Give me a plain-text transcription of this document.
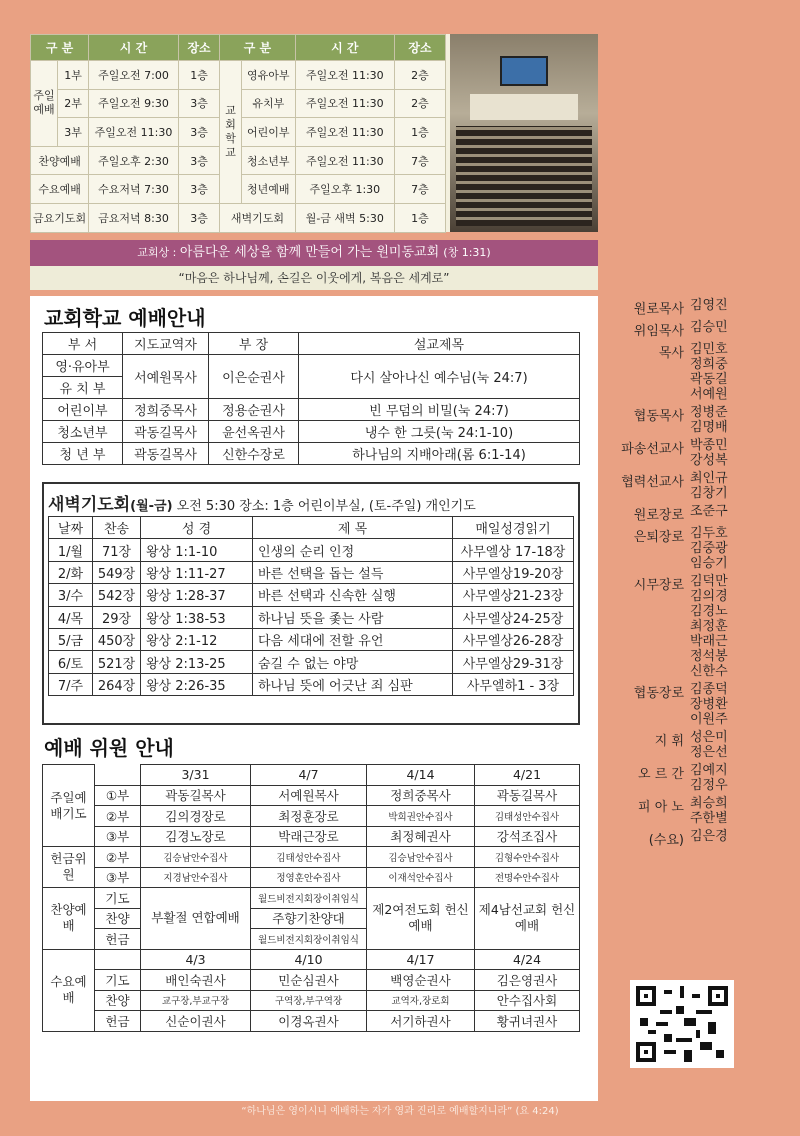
구 분		시 간	장소	구 분		시 간	장소
주일예배	1부	주일오전 7:00	1층	교회학교	영유아부	주일오전 11:30	2층
	2부	주일오전 9:30	3층		유치부	주일오전 11:30	2층
	3부	주일오전 11:30	3층		어린이부	주일오전 11:30	1층
찬양예배		주일오후 2:30	3층		청소년부	주일오전 11:30	7층
수요예배		수요저녁 7:30	3층		청년예배	주일오후 1:30	7층
금요기도회		금요저녁 8:30	3층	새벽기도회		월-금 새벽 5:30	1층
교회상 : 아름다운 세상을 함께 만들어 가는 원미동교회 (창 1:31)
“마음은 하나님께, 손길은 이웃에게, 복음은 세계로”
교회학교 예배안내
부 서	지도교역자	부 장	설교제목
영·유아부	서예원목사	이은순권사	다시 살아나신 예수님(눅 24:7)
유 치 부			
어린이부	정희중목사	정용순권사	빈 무덤의 비밀(눅 24:7)
청소년부	곽동길목사	윤선옥권사	냉수 한 그릇(눅 24:1-10)
청 년 부	곽동길목사	신한수장로	하나님의 지배아래(롬 6:1-14)
새벽기도회(월-금) 오전 5:30 장소: 1층 어린이부실, (토-주일) 개인기도
날짜	찬송	성 경	제 목	매일성경읽기
1/월	71장	왕상 1:1-10	인생의 순리 인정	사무엘상 17-18장
2/화	549장	왕상 1:11-27	바른 선택을 돕는 설득	사무엘상19-20장
3/수	542장	왕상 1:28-37	바른 선택과 신속한 실행	사무엘상21-23장
4/목	29장	왕상 1:38-53	하나님 뜻을 좇는 사람	사무엘상24-25장
5/금	450장	왕상 2:1-12	다음 세대에 전할 유언	사무엘상26-28장
6/토	521장	왕상 2:13-25	숨길 수 없는 야망	사무엘상29-31장
7/주	264장	왕상 2:26-35	하나님 뜻에 어긋난 죄 심판	사무엘하1 - 3장
예배 위원 안내
주일예배기도		3/31	4/7	4/14	4/21
	①부	곽동길목사	서예원목사	정희중목사	곽동길목사
	②부	김의경장로	최정훈장로	박희권안수집사	김태성안수집사
	③부	김경노장로	박래근장로	최정혜권사	강석조집사
헌금위원	②부	김승남안수집사	김태성안수집사	김승남안수집사	김형수안수집사
	③부	지경남안수집사	정영훈안수집사	이재석안수집사	전명수안수집사
찬양예배	기도	부활절 연합예배	월드비전지회장이취임식	제2여전도회 헌신예배	제4남선교회 헌신예배
	찬양		주향기찬양대		
	헌금		월드비전지회장이취임식		
수요예배		4/3	4/10	4/17	4/24
	기도	배인숙권사	민순심권사	백영순권사	김은영권사
	찬양	교구장,부교구장	구역장,부구역장	교역자,장로회	안수집사회
	헌금	신순이권사	이경옥권사	서기하권사	황귀녀권사
원로목사 김영진
위임목사 김승민
목사 김민호
정희중
곽동길
서예원
협동목사 정병준
김명배
파송선교사 박종민
강성복
협력선교사 최인규
김창기
원로장로 조준구
은퇴장로 김두호
김중광
임승기
시무장로 김덕만
김의경
김경노
최정훈
박래근
정석봉
신한수
협동장로 김종덕
장병환
이원주
지 휘 성은미
정은선
오 르 간 김예지
김정우
피 아 노 최승희
주한별
(수요) 김은경
“하나님은 영이시니 예배하는 자가 영과 진리로 예배할지니라” (요 4:24)
